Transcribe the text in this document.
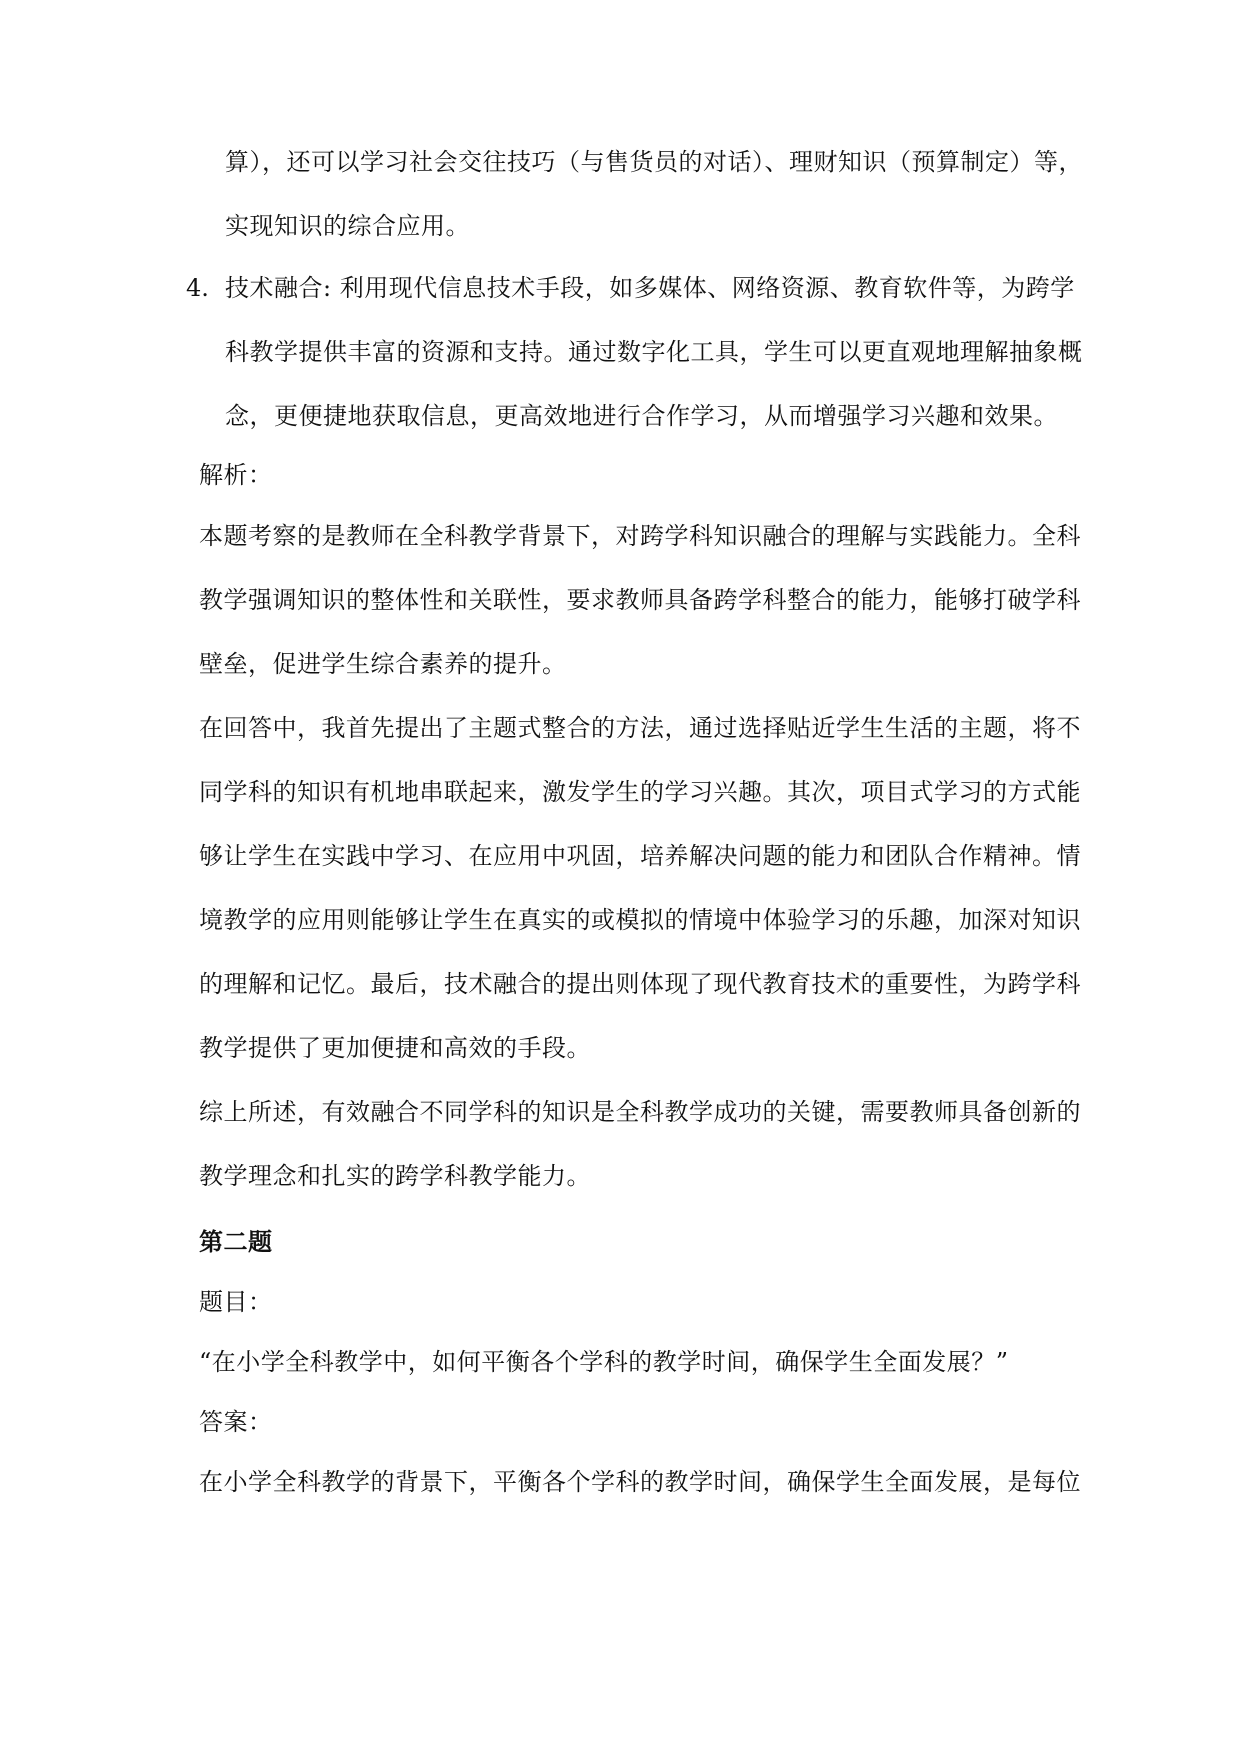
算），还可以学习社会交往技巧（与售货员的对话）、理财知识（预算制定）等，
实现知识的综合应用。
4. 技术融合: 利用现代信息技术手段，如多媒体、网络资源、教育软件等，为跨学
科教学提供丰富的资源和支持。通过数字化工具，学生可以更直观地理解抽象概
念，更便捷地获取信息，更高效地进行合作学习，从而增强学习兴趣和效果。
解析：
本题考察的是教师在全科教学背景下，对跨学科知识融合的理解与实践能力。全科
教学强调知识的整体性和关联性，要求教师具备跨学科整合的能力，能够打破学科
壁垒，促进学生综合素养的提升。
在回答中，我首先提出了主题式整合的方法，通过选择贴近学生生活的主题，将不
同学科的知识有机地串联起来，激发学生的学习兴趣。其次，项目式学习的方式能
够让学生在实践中学习、在应用中巩固，培养解决问题的能力和团队合作精神。情
境教学的应用则能够让学生在真实的或模拟的情境中体验学习的乐趣，加深对知识
的理解和记忆。最后，技术融合的提出则体现了现代教育技术的重要性，为跨学科
教学提供了更加便捷和高效的手段。
综上所述，有效融合不同学科的知识是全科教学成功的关键，需要教师具备创新的
教学理念和扎实的跨学科教学能力。
第二题
题目：
“在小学全科教学中，如何平衡各个学科的教学时间，确保学生全面发展？”
答案：
在小学全科教学的背景下，平衡各个学科的教学时间，确保学生全面发展，是每位
